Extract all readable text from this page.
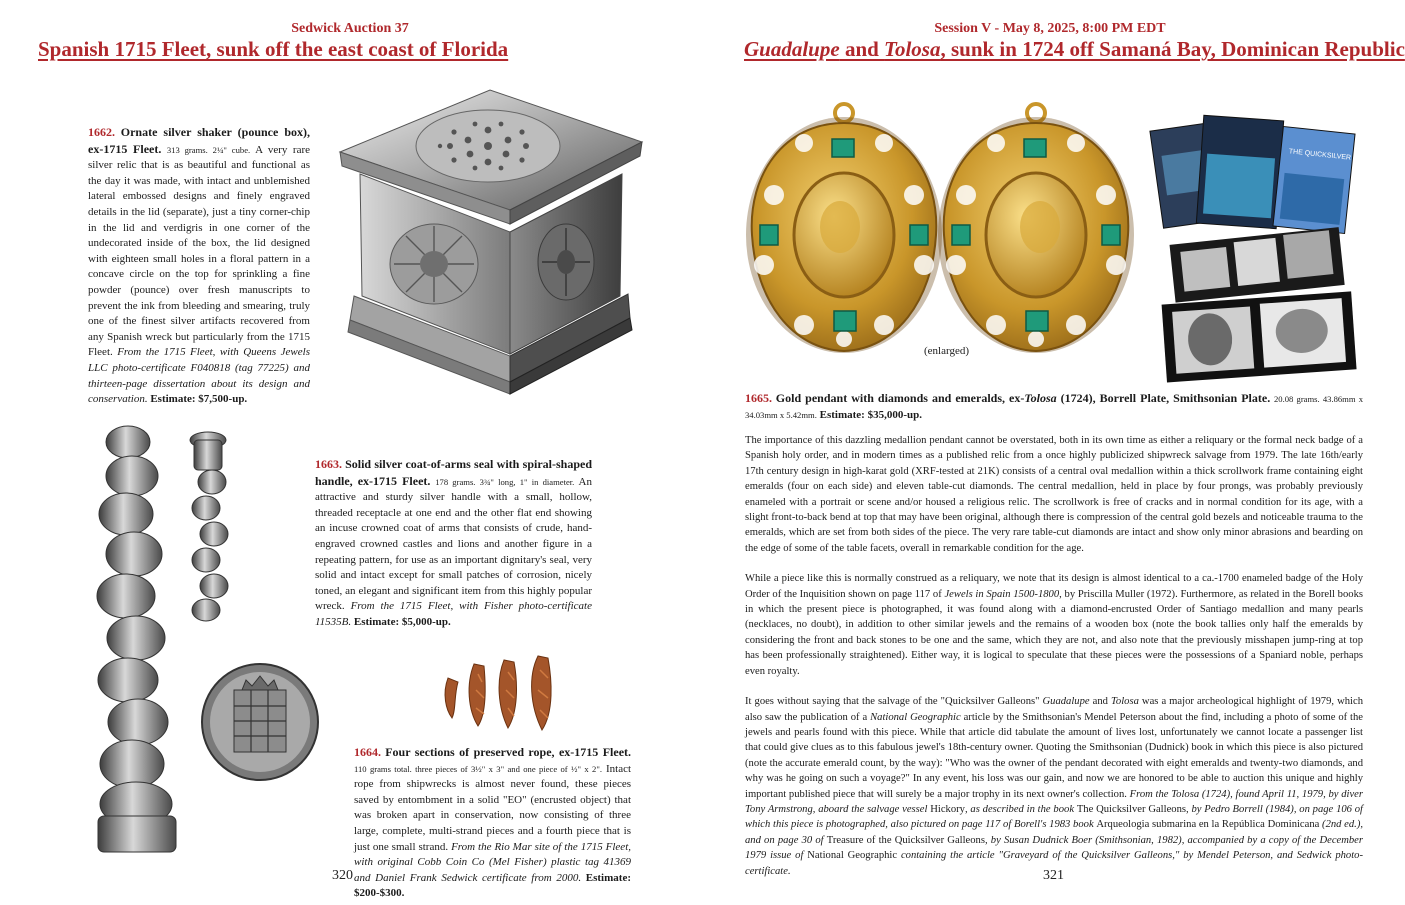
Sedwick Auction 37
Spanish 1715 Fleet, sunk off the east coast of Florida
1662. Ornate silver shaker (pounce box), ex-1715 Fleet. 313 grams. 2¼" cube. A very rare silver relic that is as beautiful and functional as the day it was made, with intact and unblemished lateral embossed designs and finely engraved details in the lid (separate), just a tiny corner-chip in the lid and verdigris in one corner of the undecorated inside of the box, the lid designed with eighteen small holes in a floral pattern in a concave circle on the top for sprinkling a fine powder (pounce) over fresh manuscripts to prevent the ink from bleeding and smearing, truly one of the finest silver artifacts recovered from any Spanish wreck but particularly from the 1715 Fleet. From the 1715 Fleet, with Queens Jewels LLC photo-certificate F040818 (tag 77225) and thirteen-page dissertation about its design and conservation. Estimate: $7,500-up.
1663. Solid silver coat-of-arms seal with spiral-shaped handle, ex-1715 Fleet. 178 grams. 3¾" long, 1" in diameter. An attractive and sturdy silver handle with a small, hollow, threaded receptacle at one end and the other flat end showing an incuse crowned coat of arms that consists of crude, hand-engraved crowned castles and lions and another figure in a repeating pattern, for use as an important dignitary's seal, very solid and intact except for small patches of corrosion, nicely toned, an elegant and significant item from this highly popular wreck. From the 1715 Fleet, with Fisher photo-certificate 11535B. Estimate: $5,000-up.
1664. Four sections of preserved rope, ex-1715 Fleet. 110 grams total. three pieces of 3½" x 3" and one piece of ½" x 2". Intact rope from shipwrecks is almost never found, these pieces saved by entombment in a solid "EO" (encrusted object) that was broken apart in conservation, now consisting of three large, complete, multi-strand pieces and a fourth piece that is just one small strand. From the Rio Mar site of the 1715 Fleet, with original Cobb Coin Co (Mel Fisher) plastic tag 41369 and Daniel Frank Sedwick certificate from 2000. Estimate: $200-$300.
320
Session V - May 8, 2025, 8:00 PM EDT
Guadalupe and Tolosa, sunk in 1724 off Samaná Bay, Dominican Republic
(enlarged)
THE QUICKSILVER GALLEONS
1665. Gold pendant with diamonds and emeralds, ex-Tolosa (1724), Borrell Plate, Smithsonian Plate. 20.08 grams. 43.86mm x 34.03mm x 5.42mm. Estimate: $35,000-up.

The importance of this dazzling medallion pendant cannot be overstated, both in its own time as either a reliquary or the formal neck badge of a Spanish holy order, and in modern times as a published relic from a once highly publicized shipwreck salvage from 1979. The late 16th/early 17th century design in high-karat gold (XRF-tested at 21K) consists of a central oval medallion within a thick scrollwork frame containing eight emeralds (four on each side) and eleven table-cut diamonds. The central medallion, held in place by four prongs, was probably previously enameled with a portrait or scene and/or housed a religious relic. The scrollwork is free of cracks and in normal condition for its age, with a slight front-to-back bend at top that may have been original, although there is compression of the central gold bezels and noticeable trauma to the emeralds, which are set from both sides of the piece. The very rare table-cut diamonds are intact and show only minor abrasions and bearding on the edge of some of the table facets, overall in remarkable condition for the age.

While a piece like this is normally construed as a reliquary, we note that its design is almost identical to a ca.-1700 enameled badge of the Holy Order of the Inquisition shown on page 117 of Jewels in Spain 1500-1800, by Priscilla Muller (1972). Furthermore, as related in the Borell books in which the present piece is photographed, it was found along with a diamond-encrusted Order of Santiago medallion and many pearls (necklaces, no doubt), in addition to other similar jewels and the remains of a wooden box (note the book tallies only half the emeralds by considering the front and back stones to be one and the same, which they are not, and also note that the previously misshapen jump-ring at top has been professionally straightened). Either way, it is logical to speculate that these pieces were the possessions of a Spaniard noble, perhaps even royalty.

It goes without saying that the salvage of the "Quicksilver Galleons" Guadalupe and Tolosa was a major archeological highlight of 1979, which also saw the publication of a National Geographic article by the Smithsonian's Mendel Peterson about the find, including a photo of some of the jewels and pearls found with this piece. While that article did tabulate the amount of lives lost, unfortunately we cannot locate a passenger list that could give clues as to this fabulous jewel's 18th-century owner. Quoting the Smithsonian (Dudnick) book in which this piece is also pictured (note the accurate emerald count, by the way): "Who was the owner of the pendant decorated with eight emeralds and twenty-two diamonds, and why was he going on such a voyage?" In any event, his loss was our gain, and now we are honored to be able to auction this unique and highly important published piece that will surely be a major trophy in its next owner's collection. From the Tolosa (1724), found April 11, 1979, by diver Tony Armstrong, aboard the salvage vessel Hickory, as described in the book The Quicksilver Galleons, by Pedro Borrell (1984), on page 106 of which this piece is photographed, also pictured on page 117 of Borell's 1983 book Arqueologia submarina en la República Dominicana (2nd ed.), and on page 30 of Treasure of the Quicksilver Galleons, by Susan Dudnick Boer (Smithsonian, 1982), accompanied by a copy of the December 1979 issue of National Geographic containing the article "Graveyard of the Quicksilver Galleons," by Mendel Peterson, and Sedwick photo-certificate.	321
